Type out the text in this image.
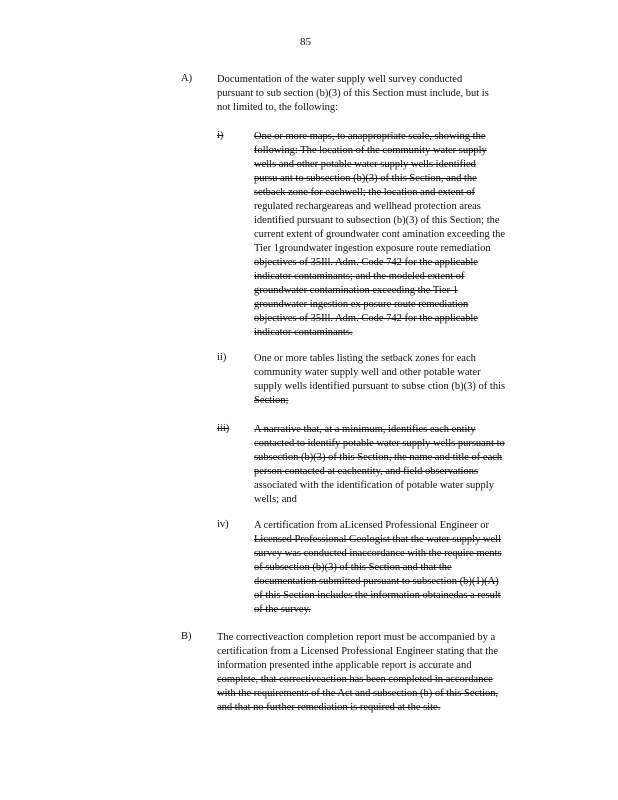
85
A) Documentation of the water supply well survey conducted
pursuant to sub section (b)(3) of this Section must include, but is
not limited to, the following:
i)	One or more maps, to anappropriate scale, showing the
following: The location of the community water supply
wells and other potable water supply wells identified
pursu ant to subsection (b)(3) of this Section, and the
setback zone for eachwell; the location and extent of
regulated rechargeareas and wellhead protection areas
identified pursuant to subsection (b)(3) of this Section; the
current extent of groundwater cont amination exceeding the
Tier 1groundwater ingestion exposure route remediation
objectives of 35Ill. Adm. Code 742 for the applicable
indicator contaminants; and the modeled extent of
groundwater contamination exceeding the Tier 1
groundwater ingestion ex posure route remediation
objectives of 35Ill. Adm. Code 742 for the applicable
indicator contaminants.
ii)	One or more tables listing the setback zones for each
community water supply well and other potable water
supply wells identified pursuant to subse ction (b)(3) of this
Section;
iii) A narrative that, at a minimum, identifies each entity
contacted to identify potable water supply wells pursuant to
subsection (b)(3) of this Section, the name and title of each
person contacted at eachentity, and field observations
associated with the identification of potable water supply
wells; and
iv) A certification from aLicensed Professional Engineer or
Licensed Professional Geologist that the water supply well
survey was conducted inaccordance with the require ments
of subsection (b)(3) of this Section and that the
documentation submitted pursuant to subsection (b)(1)(A)
of this Section includes the information obtainedas a result
of the survey.
B) The correctiveaction completion report must be accompanied by a
certification from a Licensed Professional Engineer stating that the
information presented inthe applicable report is accurate and
complete, that correctiveaction has been completed in accordance
with the requirements of the Act and subsection (b) of this Section,
and that no further remediation is required at the site.
